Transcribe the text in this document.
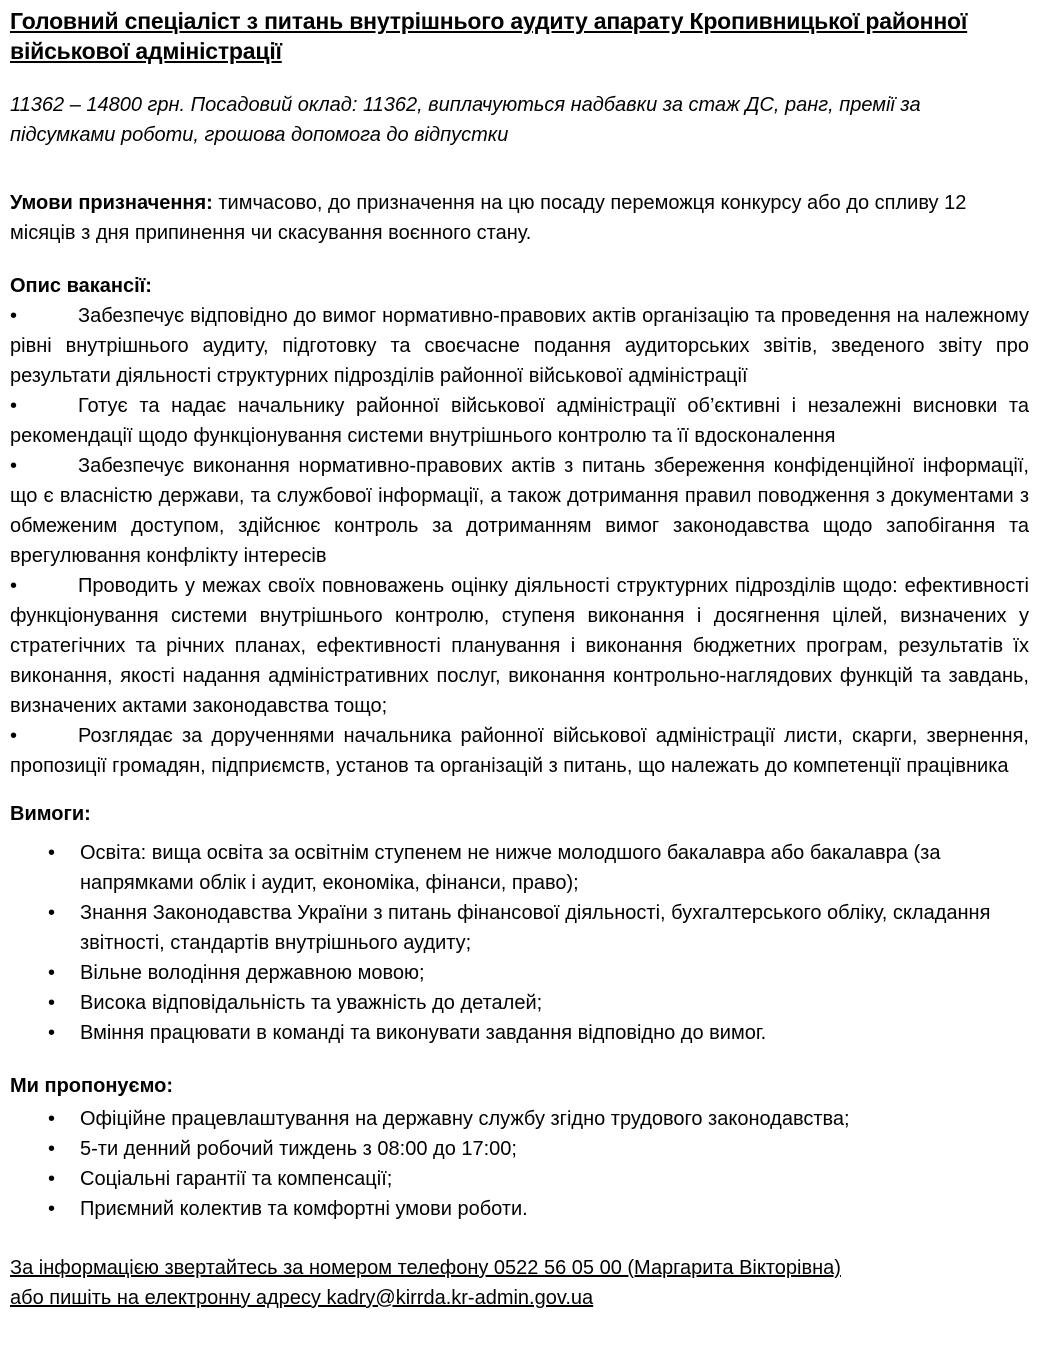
Головний спеціаліст з питань внутрішнього аудиту апарату Кропивницької районної військової адміністрації

11362 – 14800 грн. Посадовий оклад: 11362, виплачуються надбавки за стаж ДС, ранг, премії за підсумками роботи, грошова допомога до відпустки

Умови призначення: тимчасово, до призначення на цю посаду переможця конкурсу або до спливу 12 місяців з дня припинення чи скасування воєнного стану.

Опис вакансії:
•	Забезпечує відповідно до вимог нормативно-правових актів організацію та проведення на належному рівні внутрішнього аудиту, підготовку та своєчасне подання аудиторських звітів, зведеного звіту про результати діяльності структурних підрозділів районної військової адміністрації
•	Готує та надає начальнику районної військової адміністрації об’єктивні і незалежні висновки та рекомендації щодо функціонування системи внутрішнього контролю та її вдосконалення
•	Забезпечує виконання нормативно-правових актів з питань збереження конфіденційної інформації, що є власністю держави, та службової інформації, а також дотримання правил поводження з документами з обмеженим доступом, здійснює контроль за дотриманням вимог законодавства щодо запобігання та врегулювання конфлікту інтересів
•	Проводить у межах своїх повноважень оцінку діяльності структурних підрозділів щодо: ефективності функціонування системи внутрішнього контролю, ступеня виконання і досягнення цілей, визначених у стратегічних та річних планах, ефективності планування і виконання бюджетних програм, результатів їх виконання, якості надання адміністративних послуг, виконання контрольно-наглядових функцій та завдань, визначених актами законодавства тощо;
•	Розглядає за дорученнями начальника районної військової адміністрації листи, скарги, звернення, пропозиції громадян, підприємств, установ та організацій з питань, що належать до компетенції працівника
Вимоги:
• Освіта: вища освіта за освітнім ступенем не нижче молодшого бакалавра або бакалавра (за напрямками облік і аудит, економіка, фінанси, право);
• Знання Законодавства України з питань фінансової діяльності, бухгалтерського обліку, складання звітності, стандартів внутрішнього аудиту;
• Вільне володіння державною мовою;
• Висока відповідальність та уважність до деталей;
• Вміння працювати в команді та виконувати завдання відповідно до вимог.
Ми пропонуємо:
• Офіційне працевлаштування на державну службу згідно трудового законодавства;
• 5-ти денний робочий тиждень з 08:00 до 17:00;
• Соціальні гарантії та компенсації;
• Приємний колектив та комфортні умови роботи.
За інформацією звертайтесь за номером телефону 0522 56 05 00 (Маргарита Вікторівна)
або пишіть на електронну адресу kadry@kirrda.kr-admin.gov.ua
